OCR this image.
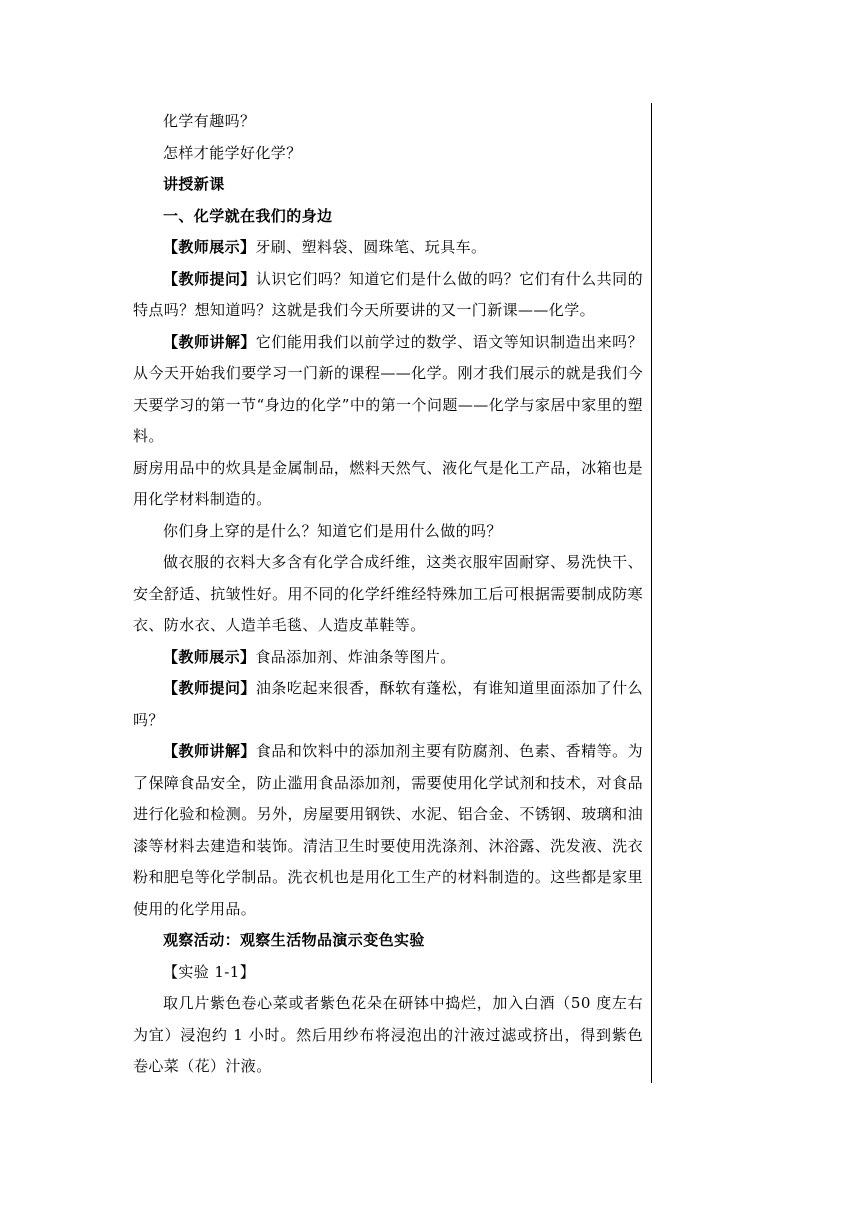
化学有趣吗？

怎样才能学好化学？

讲授新课

一、化学就在我们的身边

【教师展示】牙刷、塑料袋、圆珠笔、玩具车。

【教师提问】认识它们吗？知道它们是什么做的吗？它们有什么共同的特点吗？想知道吗？这就是我们今天所要讲的又一门新课——化学。

【教师讲解】它们能用我们以前学过的数学、语文等知识制造出来吗？从今天开始我们要学习一门新的课程——化学。刚才我们展示的就是我们今天要学习的第一节“身边的化学”中的第一个问题——化学与家居中家里的塑料。

厨房用品中的炊具是金属制品，燃料天然气、液化气是化工产品，冰箱也是用化学材料制造的。

你们身上穿的是什么？知道它们是用什么做的吗？

做衣服的衣料大多含有化学合成纤维，这类衣服牢固耐穿、易洗快干、安全舒适、抗皱性好。用不同的化学纤维经特殊加工后可根据需要制成防寒衣、防水衣、人造羊毛毯、人造皮革鞋等。

【教师展示】食品添加剂、炸油条等图片。

【教师提问】油条吃起来很香，酥软有蓬松，有谁知道里面添加了什么吗？

【教师讲解】食品和饮料中的添加剂主要有防腐剂、色素、香精等。为了保障食品安全，防止滥用食品添加剂，需要使用化学试剂和技术，对食品进行化验和检测。另外，房屋要用钢铁、水泥、铝合金、不锈钢、玻璃和油漆等材料去建造和装饰。清洁卫生时要使用洗涤剂、沐浴露、洗发液、洗衣粉和肥皂等化学制品。洗衣机也是用化工生产的材料制造的。这些都是家里使用的化学用品。

观察活动：观察生活物品演示变色实验

【实验 1-1】

取几片紫色卷心菜或者紫色花朵在研钵中捣烂，加入白酒（50 度左右为宜）浸泡约 1 小时。然后用纱布将浸泡出的汁液过滤或挤出，得到紫色卷心菜（花）汁液。
